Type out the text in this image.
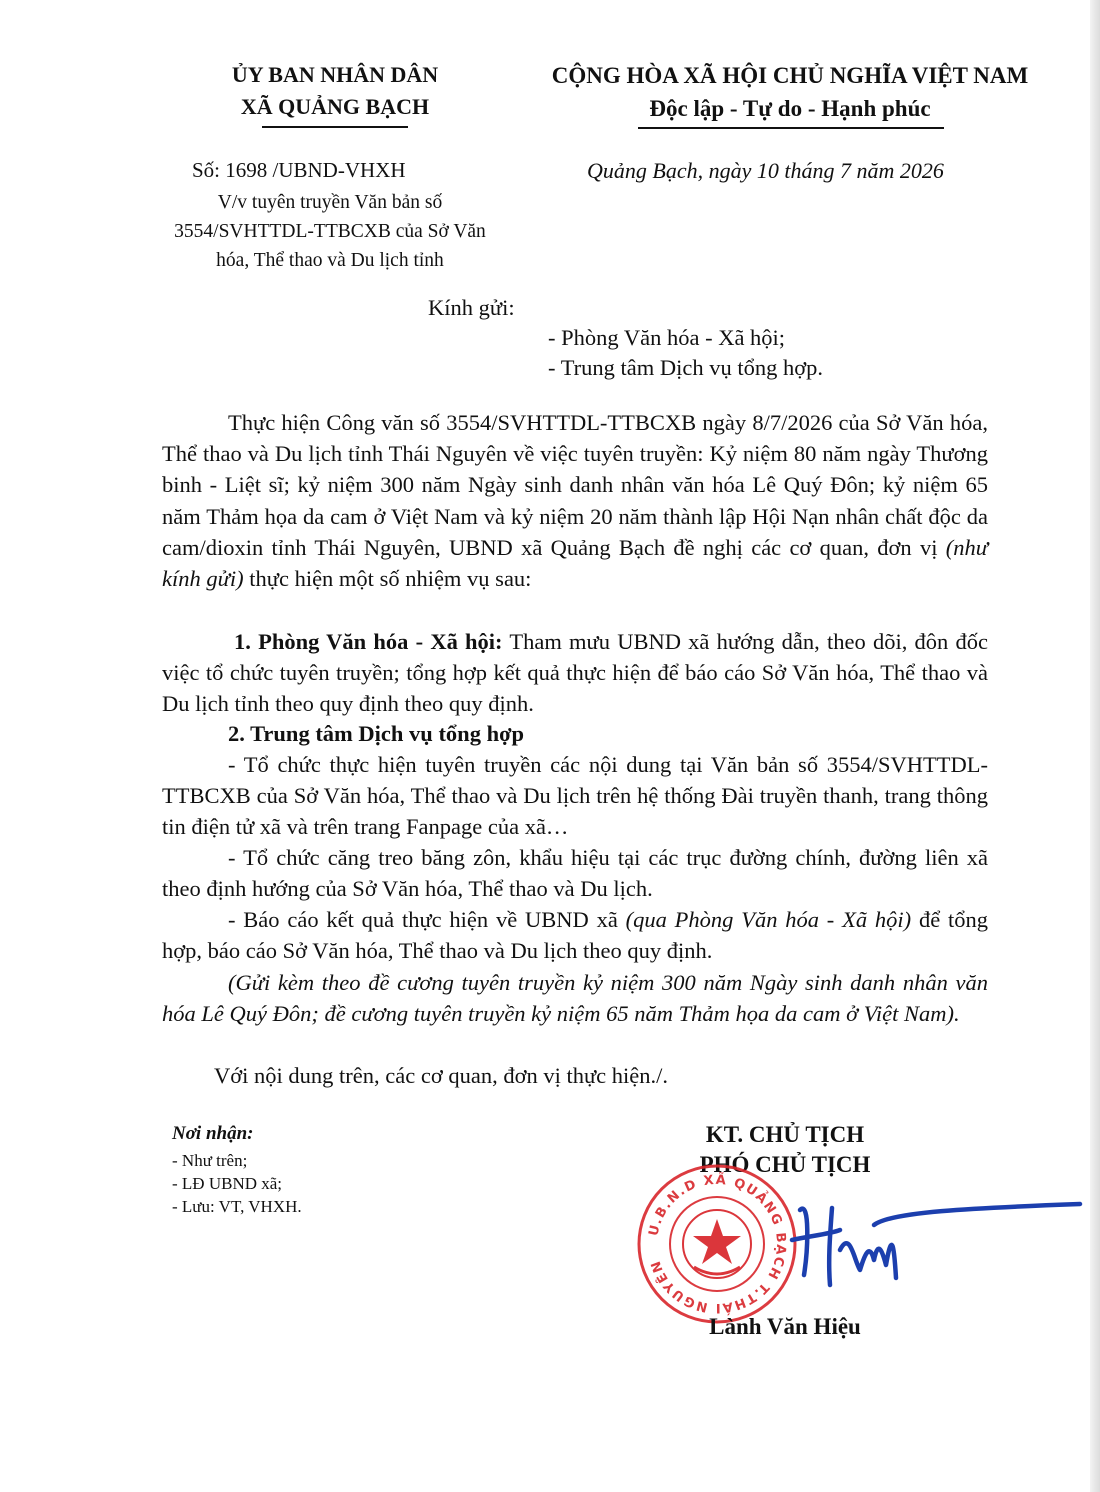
ỦY BAN NHÂN DÂN
XÃ QUẢNG BẠCH
CỘNG HÒA XÃ HỘI CHỦ NGHĨA VIỆT NAM
Độc lập - Tự do - Hạnh phúc
Số: 1698 /UBND-VHXH	Quảng Bạch, ngày 10 tháng 7 năm 2026
V/v tuyên truyền Văn bản số
3554/SVHTTDL-TTBCXB của Sở Văn
hóa, Thể thao và Du lịch tỉnh
Kính gửi:
- Phòng Văn hóa - Xã hội;
- Trung tâm Dịch vụ tổng hợp.
Thực hiện Công văn số 3554/SVHTTDL-TTBCXB ngày 8/7/2026 của Sở Văn hóa, Thể thao và Du lịch tỉnh Thái Nguyên về việc tuyên truyền: Kỷ niệm 80 năm ngày Thương binh - Liệt sĩ; kỷ niệm 300 năm Ngày sinh danh nhân văn hóa Lê Quý Đôn; kỷ niệm 65 năm Thảm họa da cam ở Việt Nam và kỷ niệm 20 năm thành lập Hội Nạn nhân chất độc da cam/dioxin tỉnh Thái Nguyên, UBND xã Quảng Bạch đề nghị các cơ quan, đơn vị (như kính gửi) thực hiện một số nhiệm vụ sau:
1. Phòng Văn hóa - Xã hội: Tham mưu UBND xã hướng dẫn, theo dõi, đôn đốc việc tổ chức tuyên truyền; tổng hợp kết quả thực hiện để báo cáo Sở Văn hóa, Thể thao và Du lịch tỉnh theo quy định theo quy định.
2. Trung tâm Dịch vụ tổng hợp
- Tổ chức thực hiện tuyên truyền các nội dung tại Văn bản số 3554/SVHTTDL-TTBCXB của Sở Văn hóa, Thể thao và Du lịch trên hệ thống Đài truyền thanh, trang thông tin điện tử xã và trên trang Fanpage của xã…
- Tổ chức căng treo băng zôn, khẩu hiệu tại các trục đường chính, đường liên xã theo định hướng của Sở Văn hóa, Thể thao và Du lịch.
- Báo cáo kết quả thực hiện về UBND xã (qua Phòng Văn hóa - Xã hội) để tổng hợp, báo cáo Sở Văn hóa, Thể thao và Du lịch theo quy định.
(Gửi kèm theo đề cương tuyên truyền kỷ niệm 300 năm Ngày sinh danh nhân văn hóa Lê Quý Đôn; đề cương tuyên truyền kỷ niệm 65 năm Thảm họa da cam ở Việt Nam).
Với nội dung trên, các cơ quan, đơn vị thực hiện./.
Nơi nhận:
- Như trên;
- LĐ UBND xã;
- Lưu: VT, VHXH.
KT. CHỦ TỊCH
PHÓ CHỦ TỊCH
U.B.N.D XÃ QUẢNG BẠCH T.THÁI NGUYÊN
Lành Văn Hiệu
